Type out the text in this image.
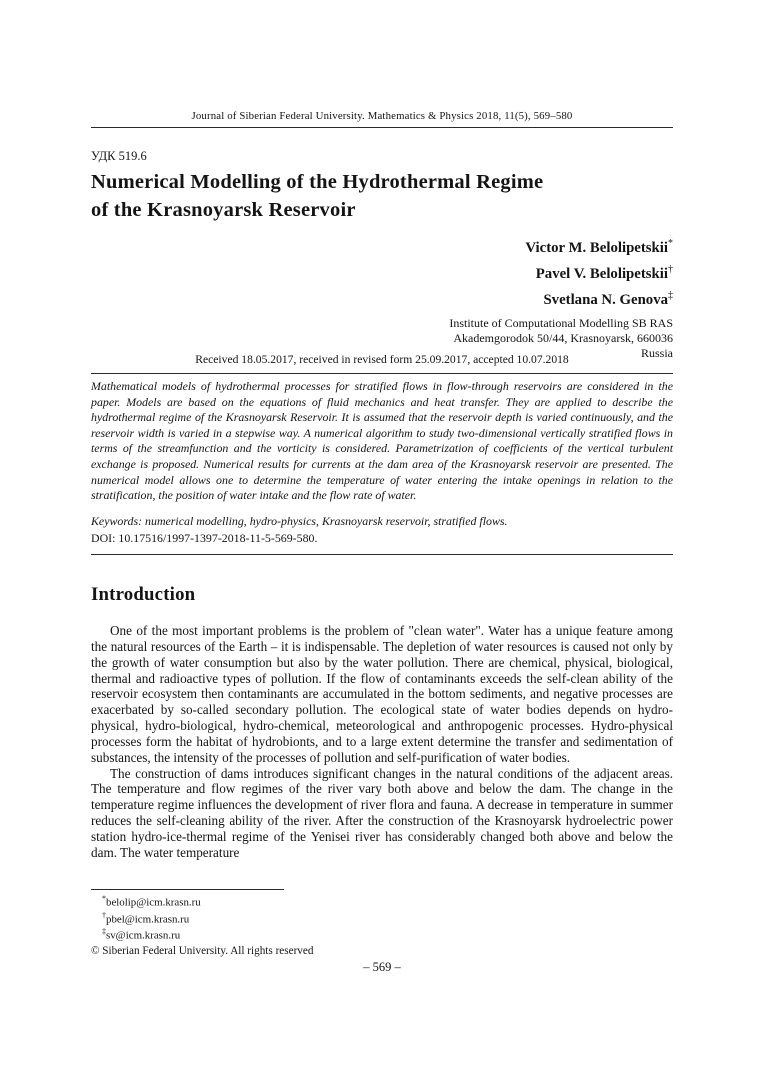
Journal of Siberian Federal University. Mathematics & Physics 2018, 11(5), 569–580
УДК 519.6
Numerical Modelling of the Hydrothermal Regime
of the Krasnoyarsk Reservoir
Victor M. Belolipetskii*
Pavel V. Belolipetskii†
Svetlana N. Genova‡
Institute of Computational Modelling SB RAS
Akademgorodok 50/44, Krasnoyarsk, 660036
Russia
Received 18.05.2017, received in revised form 25.09.2017, accepted 10.07.2018
Mathematical models of hydrothermal processes for stratified flows in flow-through reservoirs are considered in the paper. Models are based on the equations of fluid mechanics and heat transfer. They are applied to describe the hydrothermal regime of the Krasnoyarsk Reservoir. It is assumed that the reservoir depth is varied continuously, and the reservoir width is varied in a stepwise way. A numerical algorithm to study two-dimensional vertically stratified flows in terms of the streamfunction and the vorticity is considered. Parametrization of coefficients of the vertical turbulent exchange is proposed. Numerical results for currents at the dam area of the Krasnoyarsk reservoir are presented. The numerical model allows one to determine the temperature of water entering the intake openings in relation to the stratification, the position of water intake and the flow rate of water.
Keywords: numerical modelling, hydro-physics, Krasnoyarsk reservoir, stratified flows.
DOI: 10.17516/1997-1397-2018-11-5-569-580.
Introduction

One of the most important problems is the problem of "clean water". Water has a unique feature among the natural resources of the Earth – it is indispensable. The depletion of water resources is caused not only by the growth of water consumption but also by the water pollution. There are chemical, physical, biological, thermal and radioactive types of pollution. If the flow of contaminants exceeds the self-clean ability of the reservoir ecosystem then contaminants are accumulated in the bottom sediments, and negative processes are exacerbated by so-called secondary pollution. The ecological state of water bodies depends on hydro-physical, hydro-biological, hydro-chemical, meteorological and anthropogenic processes. Hydro-physical processes form the habitat of hydrobionts, and to a large extent determine the transfer and sedimentation of substances, the intensity of the processes of pollution and self-purification of water bodies.

The construction of dams introduces significant changes in the natural conditions of the adjacent areas. The temperature and flow regimes of the river vary both above and below the dam. The change in the temperature regime influences the development of river flora and fauna. A decrease in temperature in summer reduces the self-cleaning ability of the river. After the construction of the Krasnoyarsk hydroelectric power station hydro-ice-thermal regime of the Yenisei river has considerably changed both above and below the dam. The water temperature

*belolip@icm.krasn.ru
†pbel@icm.krasn.ru
‡sv@icm.krasn.ru
© Siberian Federal University. All rights reserved
– 569 –
